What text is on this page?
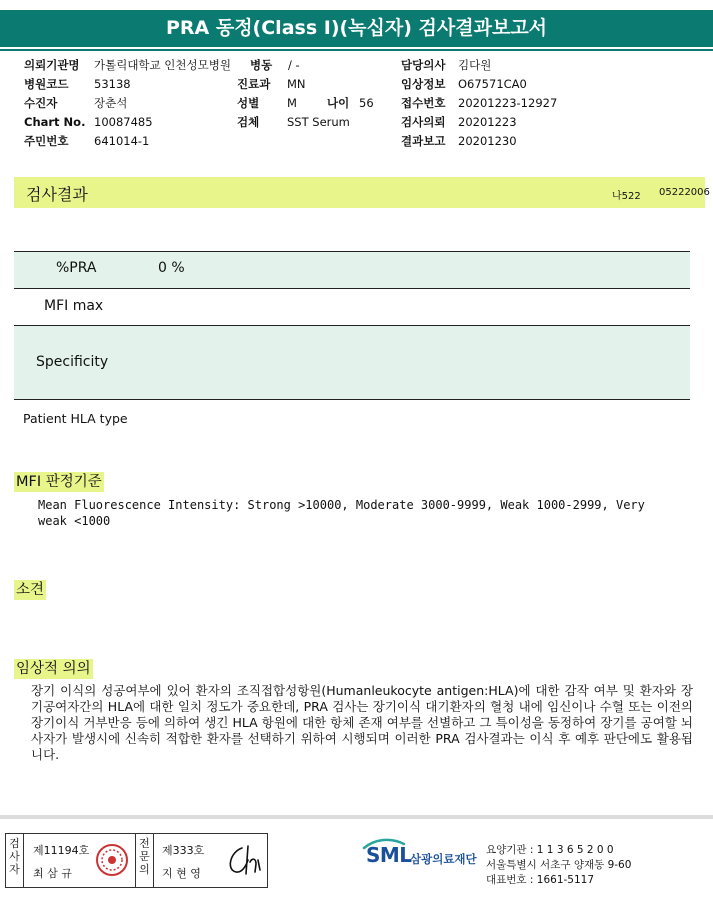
PRA 동정(Class I)(녹십자) 검사결과보고서
의뢰기관명 가톨릭대학교 인천성모병원
병원코드 53138
수진자	장춘석
Chart No. 10087485
주민번호 641014-1
병동 / -
진료과 MN
성별 M	나이 56
검체 SST Serum
담당의사 김다원
임상정보 O67571CA0
접수번호 20201223-12927
검사의뢰 20201223
결과보고 20201230
검사결과	나522 05222006
%PRA	0 %
MFI max
Specificity
Patient HLA type
MFI 판정기준
Mean Fluorescence Intensity: Strong >10000, Moderate 3000-9999, Weak 1000-2999, Very weak <1000
소견
임상적 의의
장기 이식의 성공여부에 있어 환자의 조직접합성항원(Humanleukocyte antigen:HLA)에 대한 감작 여부 및 환자와 장기공여자간의 HLA에 대한 일치 정도가 중요한데, PRA 검사는 장기이식 대기환자의 혈청 내에 임신이나 수혈 또는 이전의 장기이식 거부반응 등에 의하여 생긴 HLA 항원에 대한 항체 존재 여부를 선별하고 그 특이성을 동정하여 장기를 공여할 뇌사자가 발생시에 신속히 적합한 환자를 선택하기 위하여 시행되며 이러한 PRA 검사결과는 이식 후 예후 판단에도 활용됩니다.
검사자
제11194호
최 삼 규
전문의
제333호
지 현 영
SML
삼광의료재단
요양기관 : 1 1 3 6 5 2 0 0
서울특별시 서초구 양재동 9-60
대표번호 : 1661-5117
